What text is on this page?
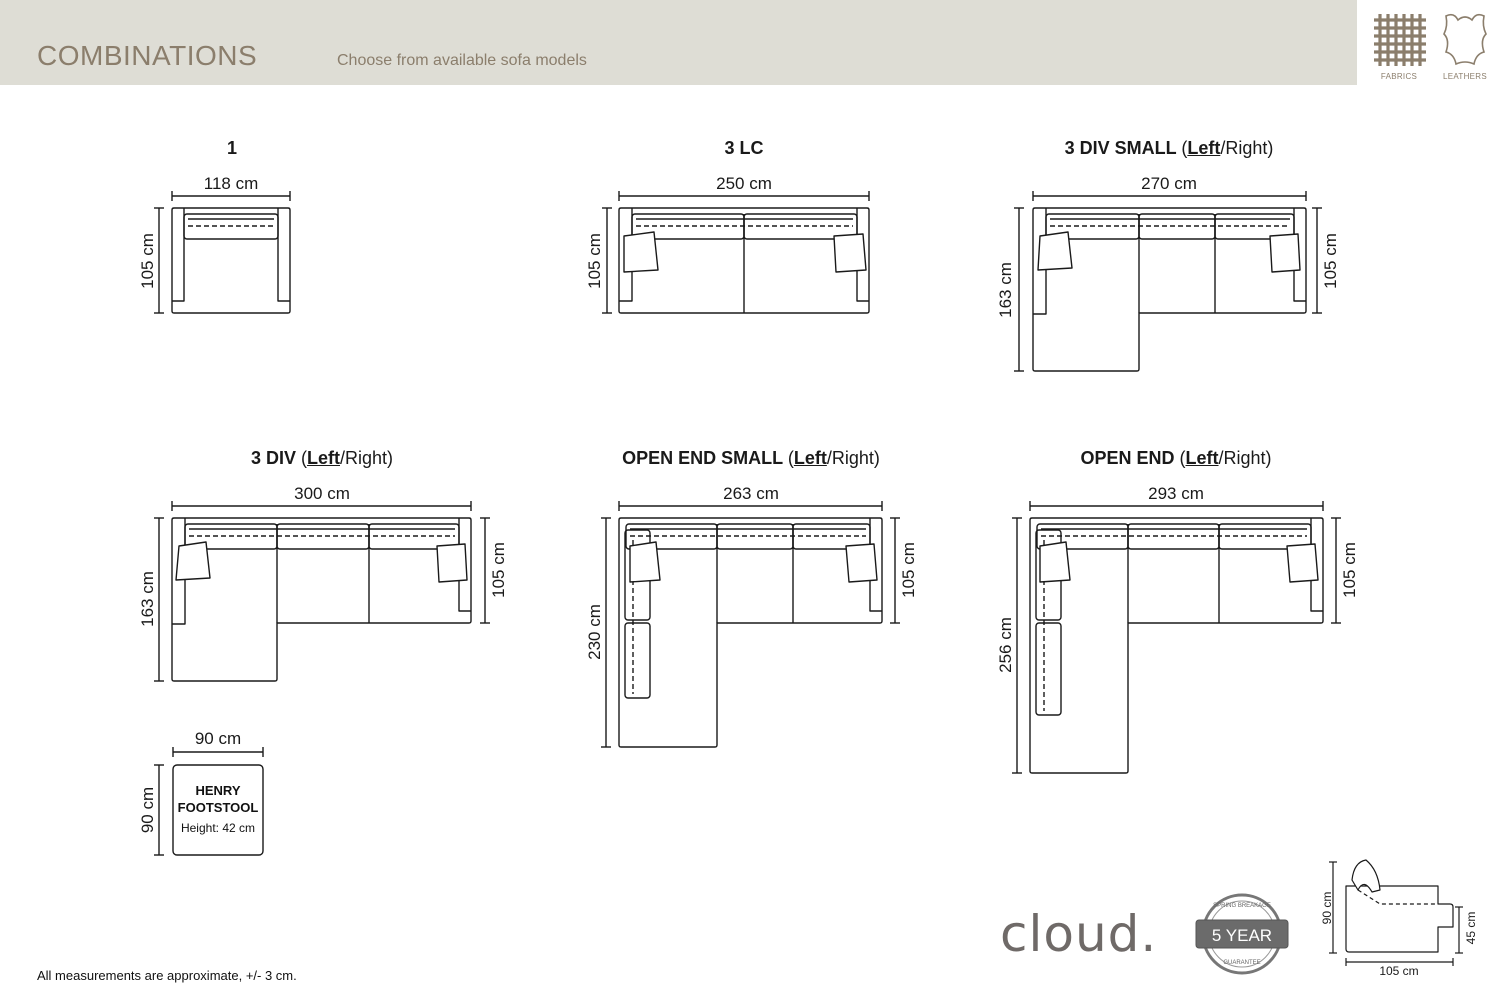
COMBINATIONS	Choose from available sofa models
FABRICS	LEATHERS
1	3 LC	3 DIV SMALL (Left/Right)
3 DIV (Left/Right)	OPEN END SMALL (Left/Right)	OPEN END (Left/Right)
118 cm
105 cm
250 cm
105 cm
270 cm
163 cm
105 cm
300 cm
163 cm
105 cm
263 cm
230 cm
105 cm
293 cm
256 cm
105 cm
90 cm
90 cm
105 cm
90 cm
45 cm
5 YEAR
SPRING BREAKAGE
GUARANTEE
HENRY
FOOTSTOOL
Height: 42 cm
cloud.
All measurements are approximate, +/- 3 cm.
